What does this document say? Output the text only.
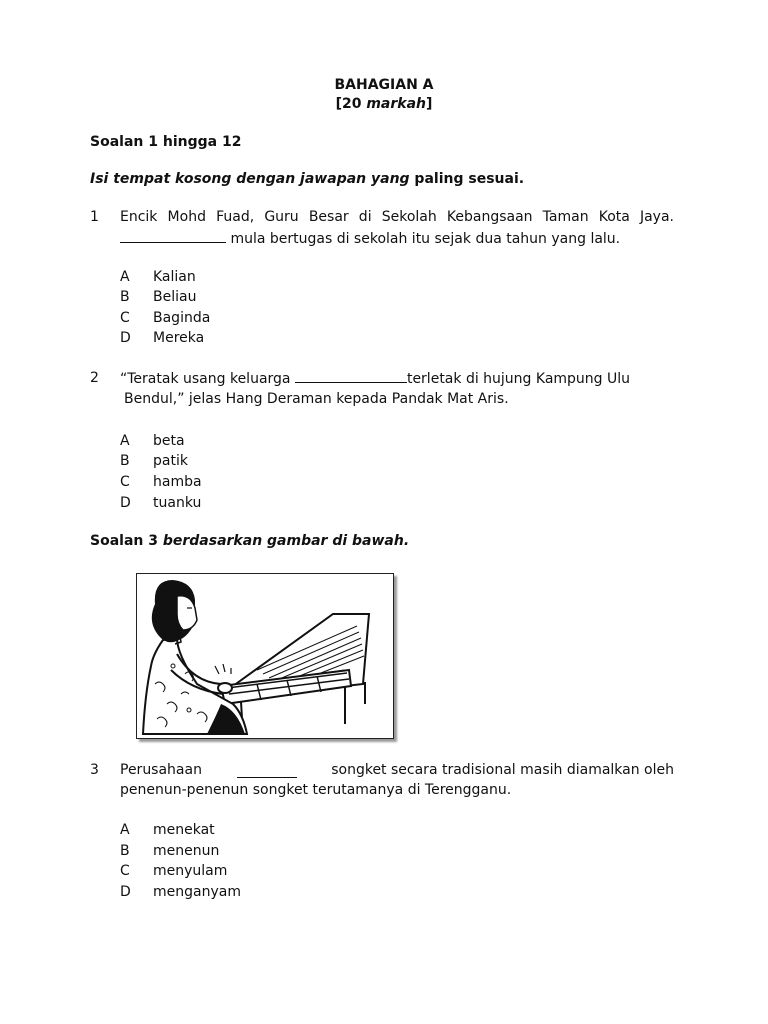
BAHAGIAN A
[20 markah]
Soalan 1 hingga 12
Isi tempat kosong dengan jawapan yang paling sesuai.
1 Encik Mohd Fuad, Guru Besar di Sekolah Kebangsaan Taman Kota Jaya.
mula bertugas di sekolah itu sejak dua tahun yang lalu.
A Kalian
B Beliau
C Baginda
D Mereka
2 “Teratak usang keluarga	terletak di hujung Kampung Ulu
Bendul,” jelas Hang Deraman kepada Pandak Mat Aris.
A beta
B patik
C hamba
D tuanku
Soalan 3 berdasarkan gambar di bawah.
3 Perusahaan	songket secara tradisional masih diamalkan oleh
penenun-penenun songket terutamanya di Terengganu.
A menekat
B menenun
C menyulam
D menganyam
